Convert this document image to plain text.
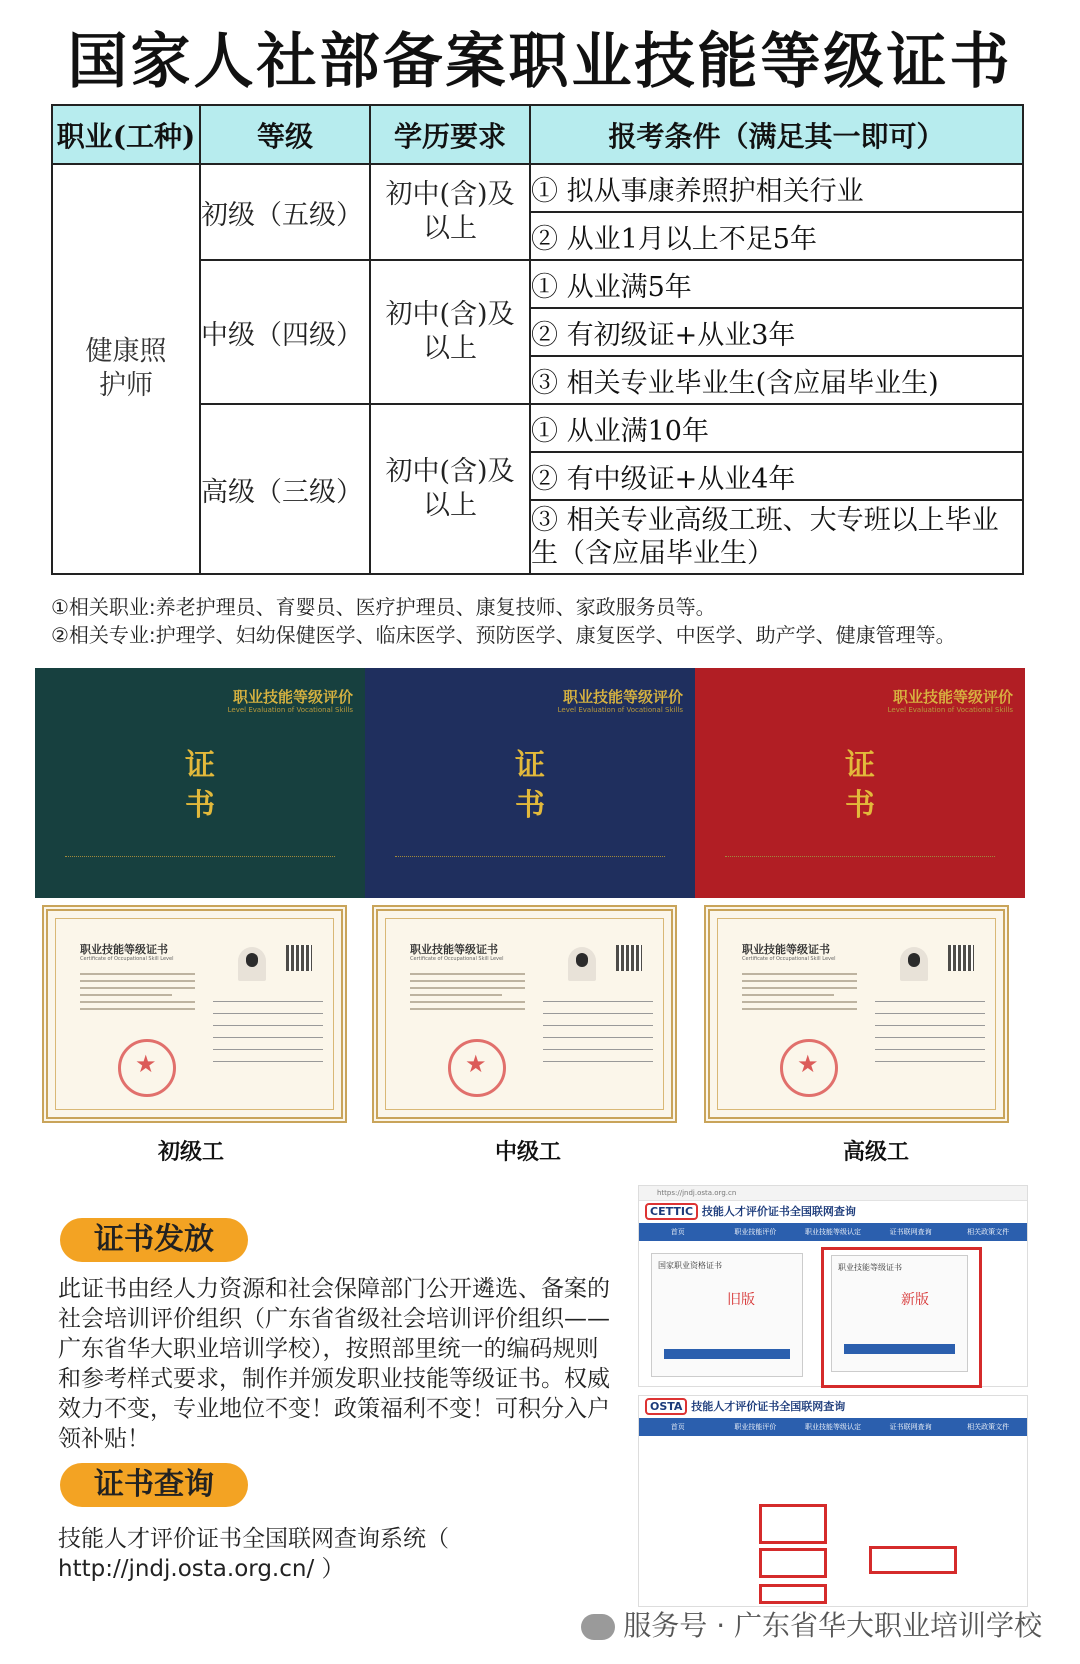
国家人社部备案职业技能等级证书
职业(工种)	等级	学历要求	报考条件（满足其一即可）

健康照护师	初级（五级）	初中(含)及以上	① 拟从事康养照护相关行业
			② 从业1月以上不足5年
	中级（四级）	初中(含)及以上	① 从业满5年
			② 有初级证+从业3年
			③ 相关专业毕业生(含应届毕业生)
	高级（三级）	初中(含)及以上	① 从业满10年
			② 有中级证+从业4年
			③ 相关专业高级工班、大专班以上毕业生（含应届毕业生）
①相关职业:养老护理员、育婴员、医疗护理员、康复技师、家政服务员等。
②相关专业:护理学、妇幼保健医学、临床医学、预防医学、康复医学、中医学、助产学、健康管理等。
职业技能等级评价
Level Evaluation of Vocational Skills
证书
职业技能等级评价
Level Evaluation of Vocational Skills
证书
职业技能等级评价
Level Evaluation of Vocational Skills
证书
职业技能等级证书
Certificate of Occupational Skill Level
★
职业技能等级证书
Certificate of Occupational Skill Level
★
职业技能等级证书
Certificate of Occupational Skill Level
★
初级工	中级工	高级工
证书发放
此证书由经人力资源和社会保障部门公开遴选、备案的社会培训评价组织（广东省省级社会培训评价组织——广东省华大职业培训学校），按照部里统一的编码规则和参考样式要求，制作并颁发职业技能等级证书。权威效力不变，专业地位不变！政策福利不变！可积分入户领补贴！
证书查询
技能人才评价证书全国联网查询系统（ http://jndj.osta.org.cn/ ）
https://jndj.osta.org.cn
CETTIC 技能人才评价证书全国联网查询
首页	职业技能评价	职业技能等级认定	证书联网查询	相关政策文件
国家职业资格证书
旧版
职业技能等级证书
新版
OSTA 技能人才评价证书全国联网查询
首页	职业技能评价	职业技能等级认定	证书联网查询	相关政策文件
服务号 · 广东省华大职业培训学校
